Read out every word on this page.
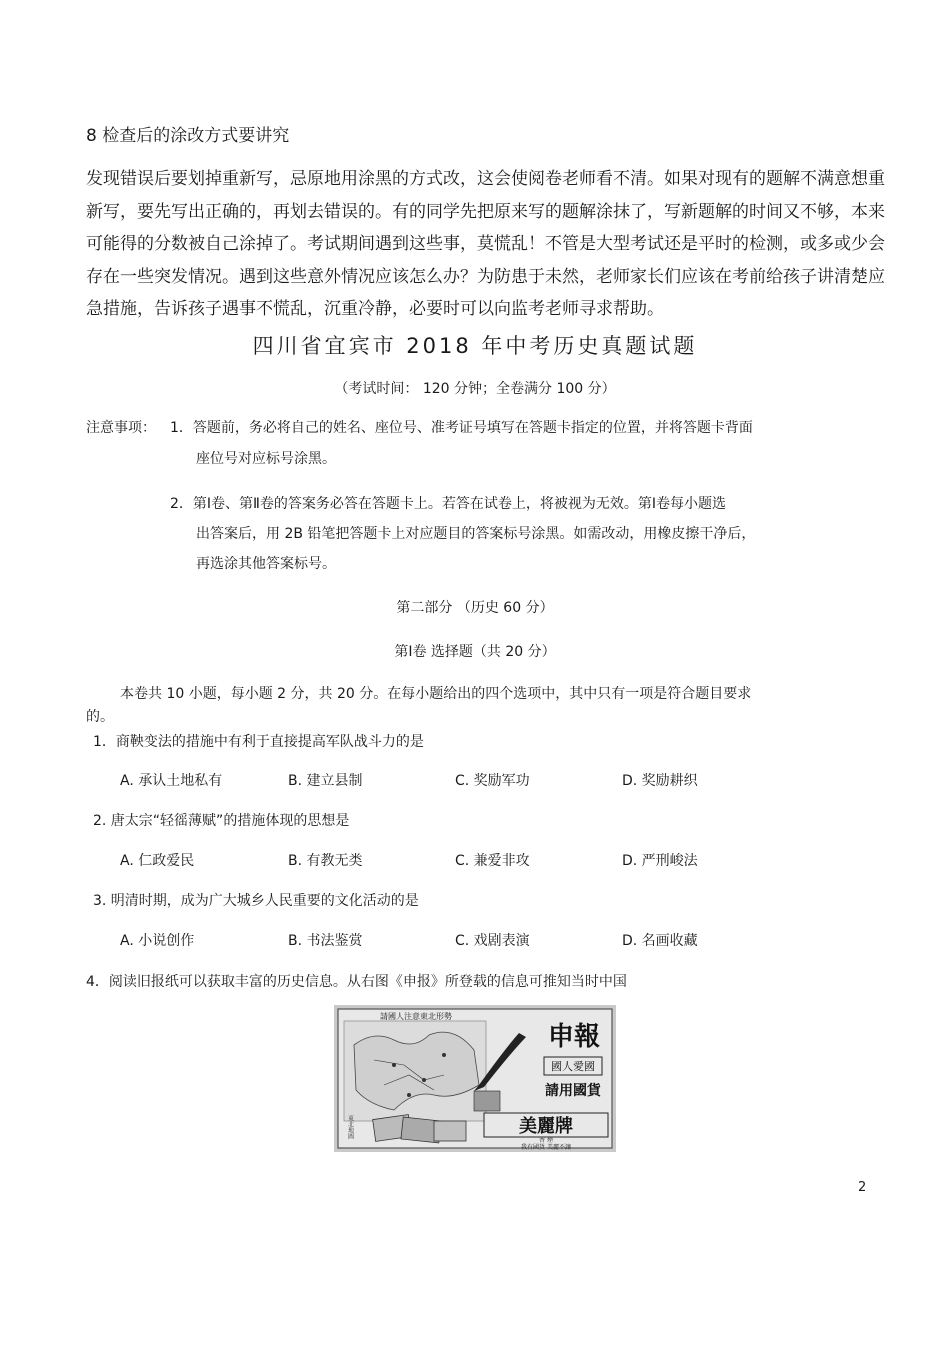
8 检查后的涂改方式要讲究
发现错误后要划掉重新写，忌原地用涂黑的方式改，这会使阅卷老师看不清。如果对现有的题解不满意想重
新写，要先写出正确的，再划去错误的。有的同学先把原来写的题解涂抹了，写新题解的时间又不够，本来
可能得的分数被自己涂掉了。考试期间遇到这些事，莫慌乱！不管是大型考试还是平时的检测，或多或少会
存在一些突发情况。遇到这些意外情况应该怎么办？为防患于未然，老师家长们应该在考前给孩子讲清楚应
急措施，告诉孩子遇事不慌乱，沉重冷静，必要时可以向监考老师寻求帮助。
四川省宜宾市 2018 年中考历史真题试题
（考试时间： 120 分钟；全卷满分 100 分）
注意事项： 1．答题前，务必将自己的姓名、座位号、准考证号填写在答题卡指定的位置，并将答题卡背面
座位号对应标号涂黑。
2．第Ⅰ卷、第Ⅱ卷的答案务必答在答题卡上。若答在试卷上，将被视为无效。第Ⅰ卷每小题选
出答案后，用 2B 铅笔把答题卡上对应题目的答案标号涂黑。如需改动，用橡皮擦干净后，
再选涂其他答案标号。
第二部分 （历史 60 分）
第Ⅰ卷 选择题（共 20 分）
本卷共 10 小题，每小题 2 分，共 20 分。在每小题给出的四个选项中，其中只有一项是符合题目要求
的。
1．商鞅变法的措施中有利于直接提高军队战斗力的是
A. 承认土地私有	B. 建立县制	C. 奖励军功	D. 奖励耕织
2. 唐太宗“轻徭薄赋”的措施体现的思想是
A. 仁政爱民	B. 有教无类	C. 兼爱非攻	D. 严刑峻法
3. 明清时期，成为广大城乡人民重要的文化活动的是
A. 小说创作	B. 书法鉴赏	C. 戏剧表演	D. 名画收藏
4．阅读旧报纸可以获取丰富的历史信息。从右图《申报》所登载的信息可推知当时中国
請國人注意東北形勢
東北地圖
申報
國人愛國
請用國貨
美麗牌
香 煙
我有國貨 美麗不讓
2
